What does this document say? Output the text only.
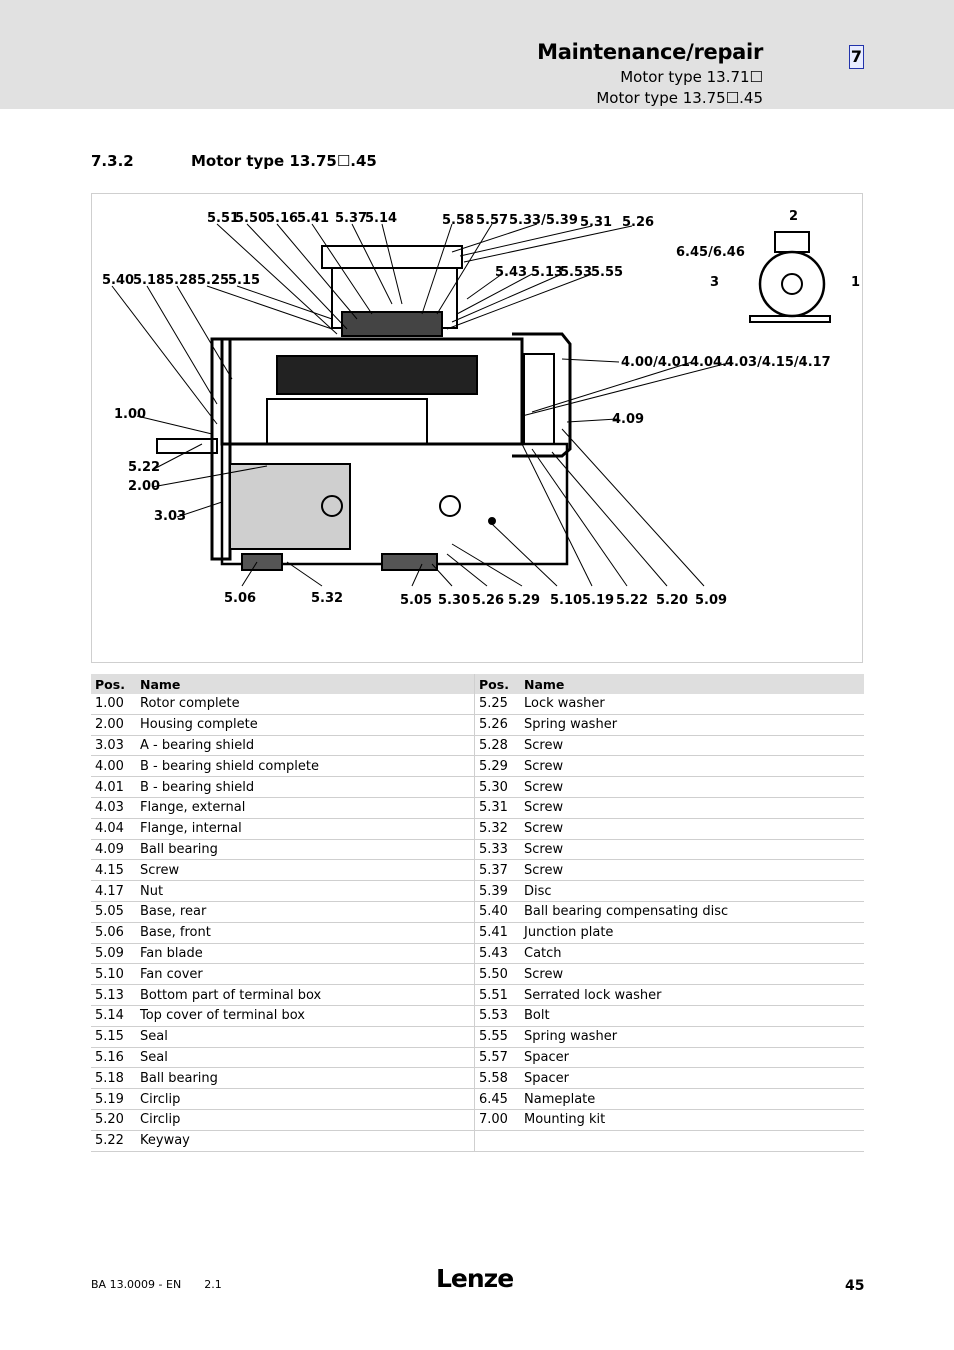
Maintenance/repair
Motor type 13.71☐
Motor type 13.75☐.45
7
7.3.2	Motor type 13.75☐.45
5.51
5.50
5.16
5.41 5.37
5.14	5.58 5.57 5.33/5.39 5.31 5.26	2
6.45/6.46
3	1
5.40
5.18 5.28 5.25
5.15
5.43 5.13
5.53
5.55
4.00/4.01 4.04.
4.03/4.15/4.17
1.00	4.09
5.22
2.00
3.03
5.06	5.32	5.05 5.30 5.26 5.29 5.10 5.19 5.22 5.20 5.09
Pos.	Name	Pos.	Name
1.00	Rotor complete	5.25	Lock washer
2.00	Housing complete	5.26	Spring washer
3.03	A - bearing shield	5.28	Screw
4.00	B - bearing shield complete	5.29	Screw
4.01	B - bearing shield	5.30	Screw
4.03	Flange, external	5.31	Screw
4.04	Flange, internal	5.32	Screw
4.09	Ball bearing	5.33	Screw
4.15	Screw	5.37	Screw
4.17	Nut	5.39	Disc
5.05	Base, rear	5.40	Ball bearing compensating disc
5.06	Base, front	5.41	Junction plate
5.09	Fan blade	5.43	Catch
5.10	Fan cover	5.50	Screw
5.13	Bottom part of terminal box	5.51	Serrated lock washer
5.14	Top cover of terminal box	5.53	Bolt
5.15	Seal	5.55	Spring washer
5.16	Seal	5.57	Spacer
5.18	Ball bearing	5.58	Spacer
5.19	Circlip	6.45	Nameplate
5.20	Circlip	7.00	Mounting kit
5.22	Keyway		
BA 13.0009 - EN 2.1	Lenze	45
